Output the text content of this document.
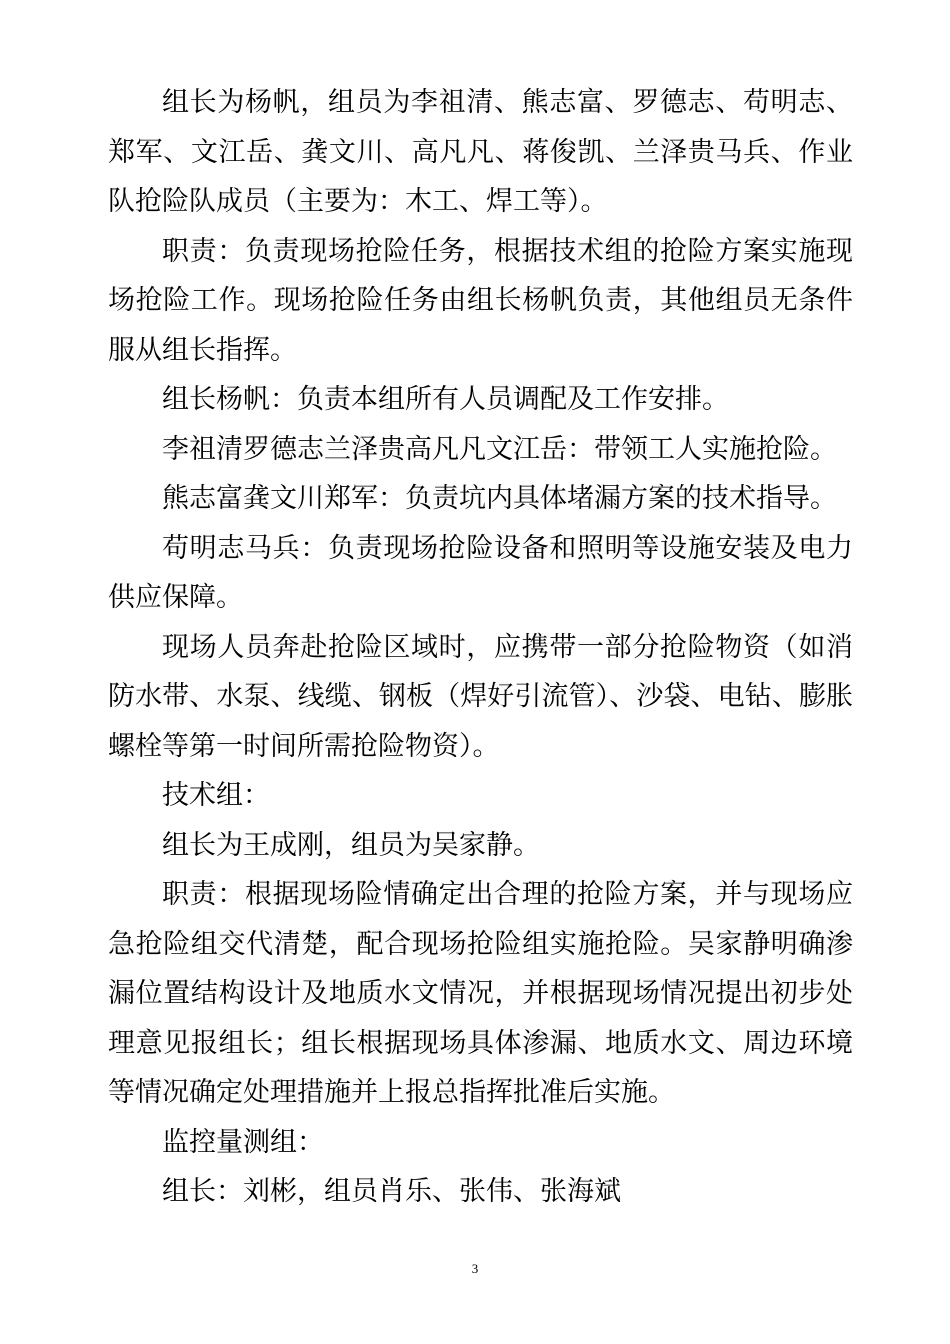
组长为杨帆，组员为李祖清、熊志富、罗德志、苟明志、郑军、文江岳、龚文川、高凡凡、蒋俊凯、兰泽贵马兵、作业队抢险队成员（主要为：木工、焊工等）。

职责：负责现场抢险任务，根据技术组的抢险方案实施现场抢险工作。现场抢险任务由组长杨帆负责，其他组员无条件服从组长指挥。

组长杨帆：负责本组所有人员调配及工作安排。

李祖清罗德志兰泽贵高凡凡文江岳：带领工人实施抢险。

熊志富龚文川郑军：负责坑内具体堵漏方案的技术指导。

苟明志马兵：负责现场抢险设备和照明等设施安装及电力供应保障。

现场人员奔赴抢险区域时，应携带一部分抢险物资（如消防水带、水泵、线缆、钢板（焊好引流管）、沙袋、电钻、膨胀螺栓等第一时间所需抢险物资）。

技术组：

组长为王成刚，组员为吴家静。

职责：根据现场险情确定出合理的抢险方案，并与现场应急抢险组交代清楚，配合现场抢险组实施抢险。吴家静明确渗漏位置结构设计及地质水文情况，并根据现场情况提出初步处理意见报组长；组长根据现场具体渗漏、地质水文、周边环境等情况确定处理措施并上报总指挥批准后实施。

监控量测组：

组长：刘彬，组员肖乐、张伟、张海斌

3
